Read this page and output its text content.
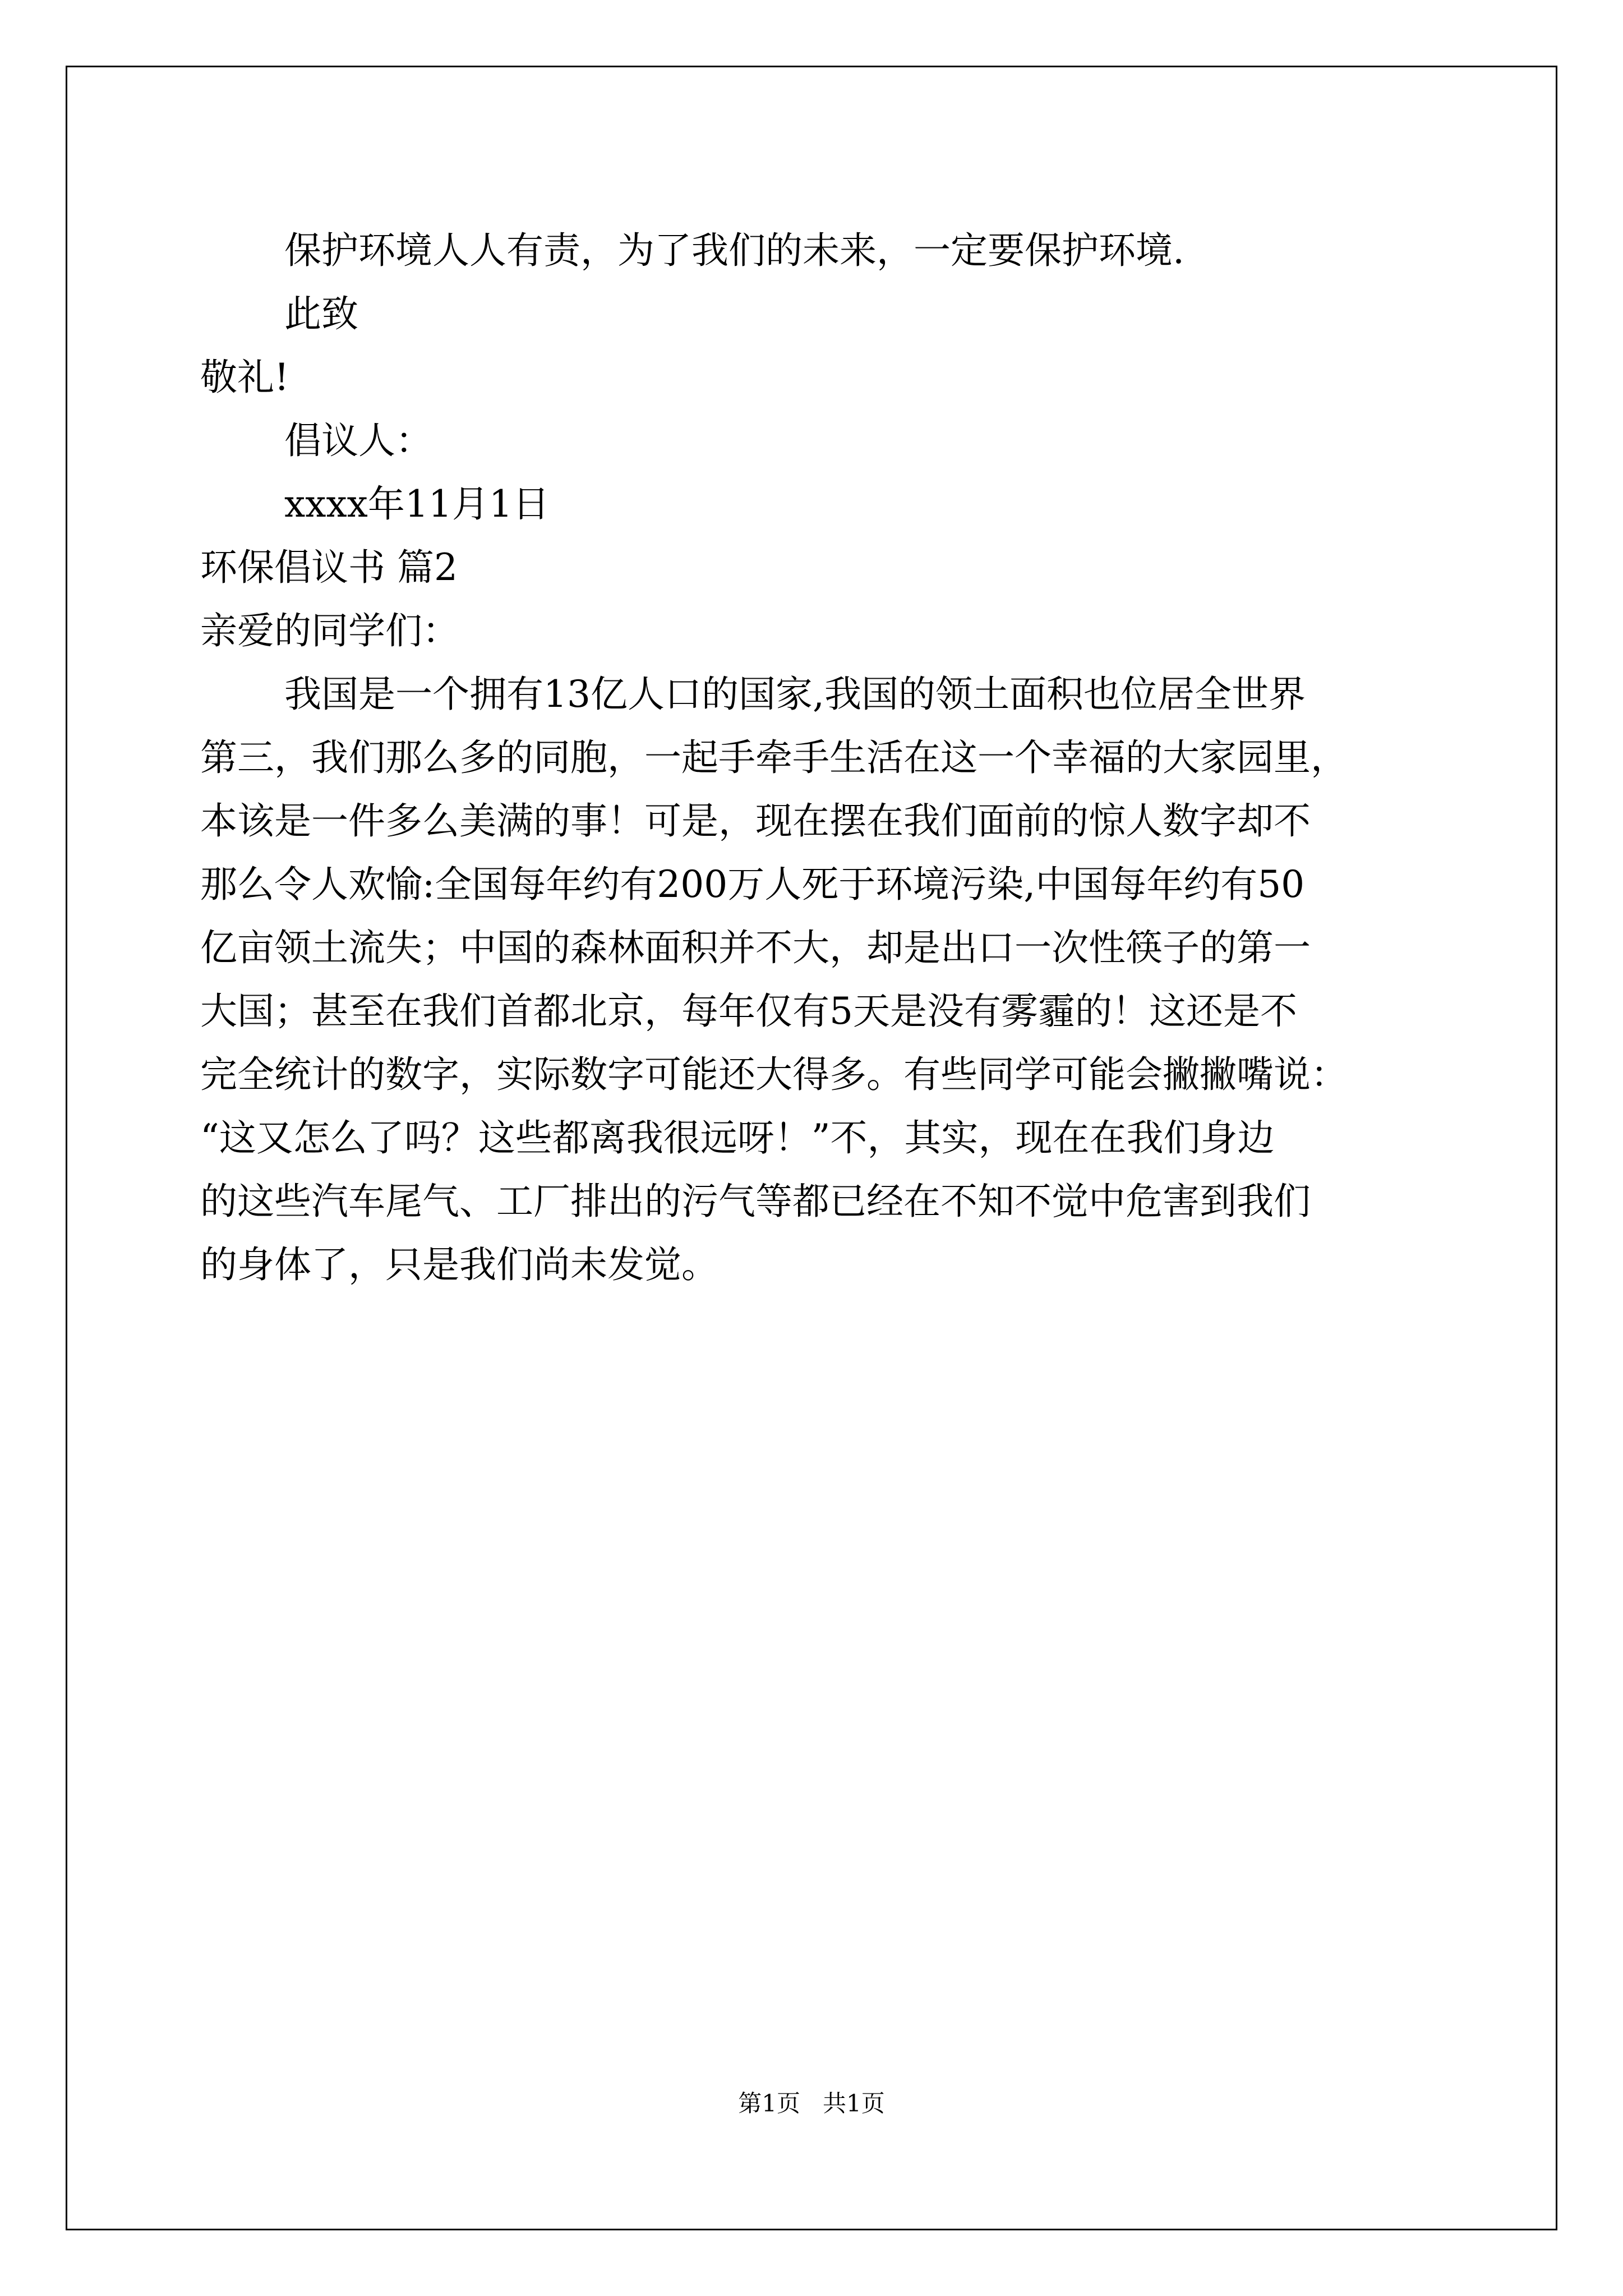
保护环境人人有责，为了我们的未来，一定要保护环境.

此致

敬礼!

倡议人：

xxxx年11月1日

环保倡议书 篇2

亲爱的同学们：

我国是一个拥有13亿人口的国家,我国的领土面积也位居全世界

第三，我们那么多的同胞，一起手牵手生活在这一个幸福的大家园里，

本该是一件多么美满的事！可是，现在摆在我们面前的惊人数字却不

那么令人欢愉:全国每年约有200万人死于环境污染,中国每年约有50

亿亩领土流失；中国的森林面积并不大，却是出口一次性筷子的第一

大国；甚至在我们首都北京，每年仅有5天是没有雾霾的！这还是不

完全统计的数字，实际数字可能还大得多。有些同学可能会撇撇嘴说：

“这又怎么了吗？这些都离我很远呀！”不，其实，现在在我们身边

的这些汽车尾气、工厂排出的污气等都已经在不知不觉中危害到我们

的身体了，只是我们尚未发觉。

第1页   共1页
